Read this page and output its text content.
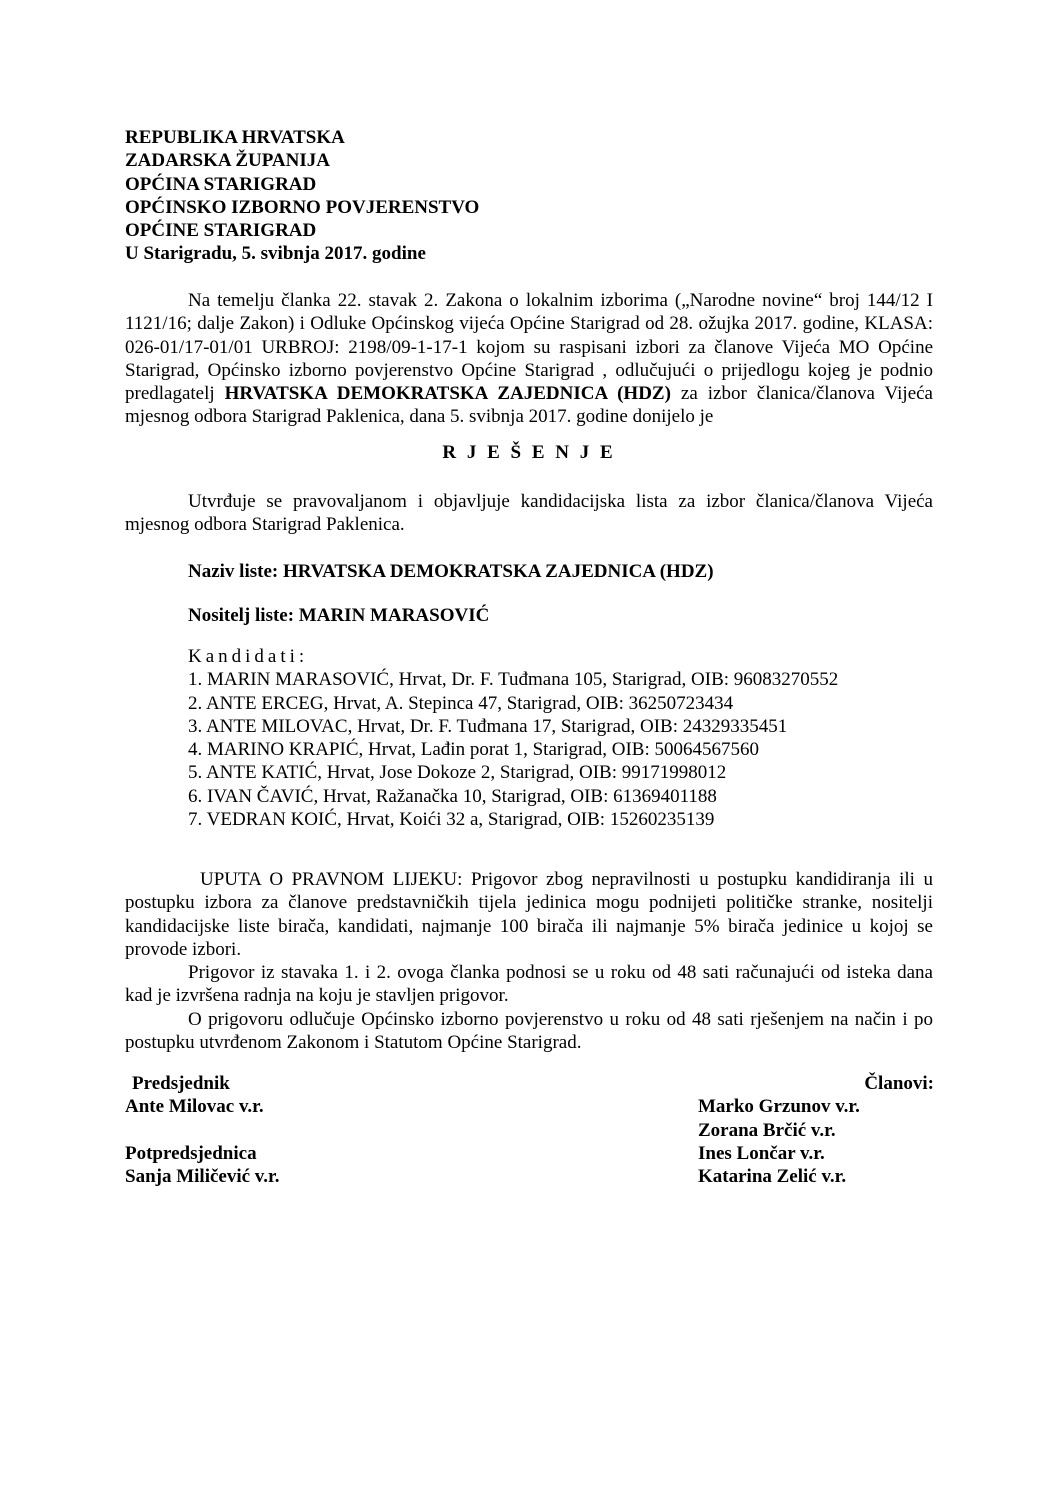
REPUBLIKA HRVATSKA
ZADARSKA ŽUPANIJA
OPĆINA STARIGRAD
OPĆINSKO IZBORNO POVJERENSTVO
OPĆINE STARIGRAD
U Starigradu, 5. svibnja 2017. godine
Na temelju članka 22. stavak 2. Zakona o lokalnim izborima („Narodne novine“ broj 144/12 I 1121/16; dalje Zakon) i Odluke Općinskog vijeća Općine Starigrad od 28. ožujka 2017. godine, KLASA: 026-01/17-01/01 URBROJ: 2198/09-1-17-1 kojom su raspisani izbori za članove Vijeća MO Općine Starigrad, Općinsko izborno povjerenstvo Općine Starigrad , odlučujući o prijedlogu kojeg je podnio predlagatelj HRVATSKA DEMOKRATSKA ZAJEDNICA (HDZ) za izbor članica/članova Vijeća mjesnog odbora Starigrad Paklenica, dana 5. svibnja 2017. godine donijelo je
R J E Š E N J E
Utvrđuje se pravovaljanom i objavljuje kandidacijska lista za izbor članica/članova Vijeća mjesnog odbora Starigrad Paklenica.
Naziv liste: HRVATSKA DEMOKRATSKA ZAJEDNICA (HDZ)
Nositelj liste: MARIN MARASOVIĆ
Kandidati:
1. MARIN MARASOVIĆ, Hrvat, Dr. F. Tuđmana 105, Starigrad, OIB: 96083270552
2. ANTE ERCEG, Hrvat, A. Stepinca 47, Starigrad, OIB: 36250723434
3. ANTE MILOVAC, Hrvat, Dr. F. Tuđmana 17, Starigrad, OIB: 24329335451
4. MARINO KRAPIĆ, Hrvat, Lađin porat 1, Starigrad, OIB: 50064567560
5. ANTE KATIĆ, Hrvat, Jose Dokoze 2, Starigrad, OIB: 99171998012
6. IVAN ČAVIĆ, Hrvat, Ražanačka 10, Starigrad, OIB: 61369401188
7. VEDRAN KOIĆ, Hrvat, Koići 32 a, Starigrad, OIB: 15260235139
UPUTA O PRAVNOM LIJEKU: Prigovor zbog nepravilnosti u postupku kandidiranja ili u postupku izbora za članove predstavničkih tijela jedinica mogu podnijeti političke stranke, nositelji kandidacijske liste birača, kandidati, najmanje 100 birača ili najmanje 5% birača jedinice u kojoj se provode izbori.
Prigovor iz stavaka 1. i 2. ovoga članka podnosi se u roku od 48 sati računajući od isteka dana kad je izvršena radnja na koju je stavljen prigovor.
O prigovoru odlučuje Općinsko izborno povjerenstvo u roku od 48 sati rješenjem na način i po postupku utvrđenom Zakonom i Statutom Općine Starigrad.
Predsjednik
Ante Milovac v.r.
Potpredsjednica
Sanja Miličević v.r.
Članovi:
Marko Grzunov v.r.
Zorana Brčić v.r.
Ines Lončar v.r.
Katarina Zelić v.r.
